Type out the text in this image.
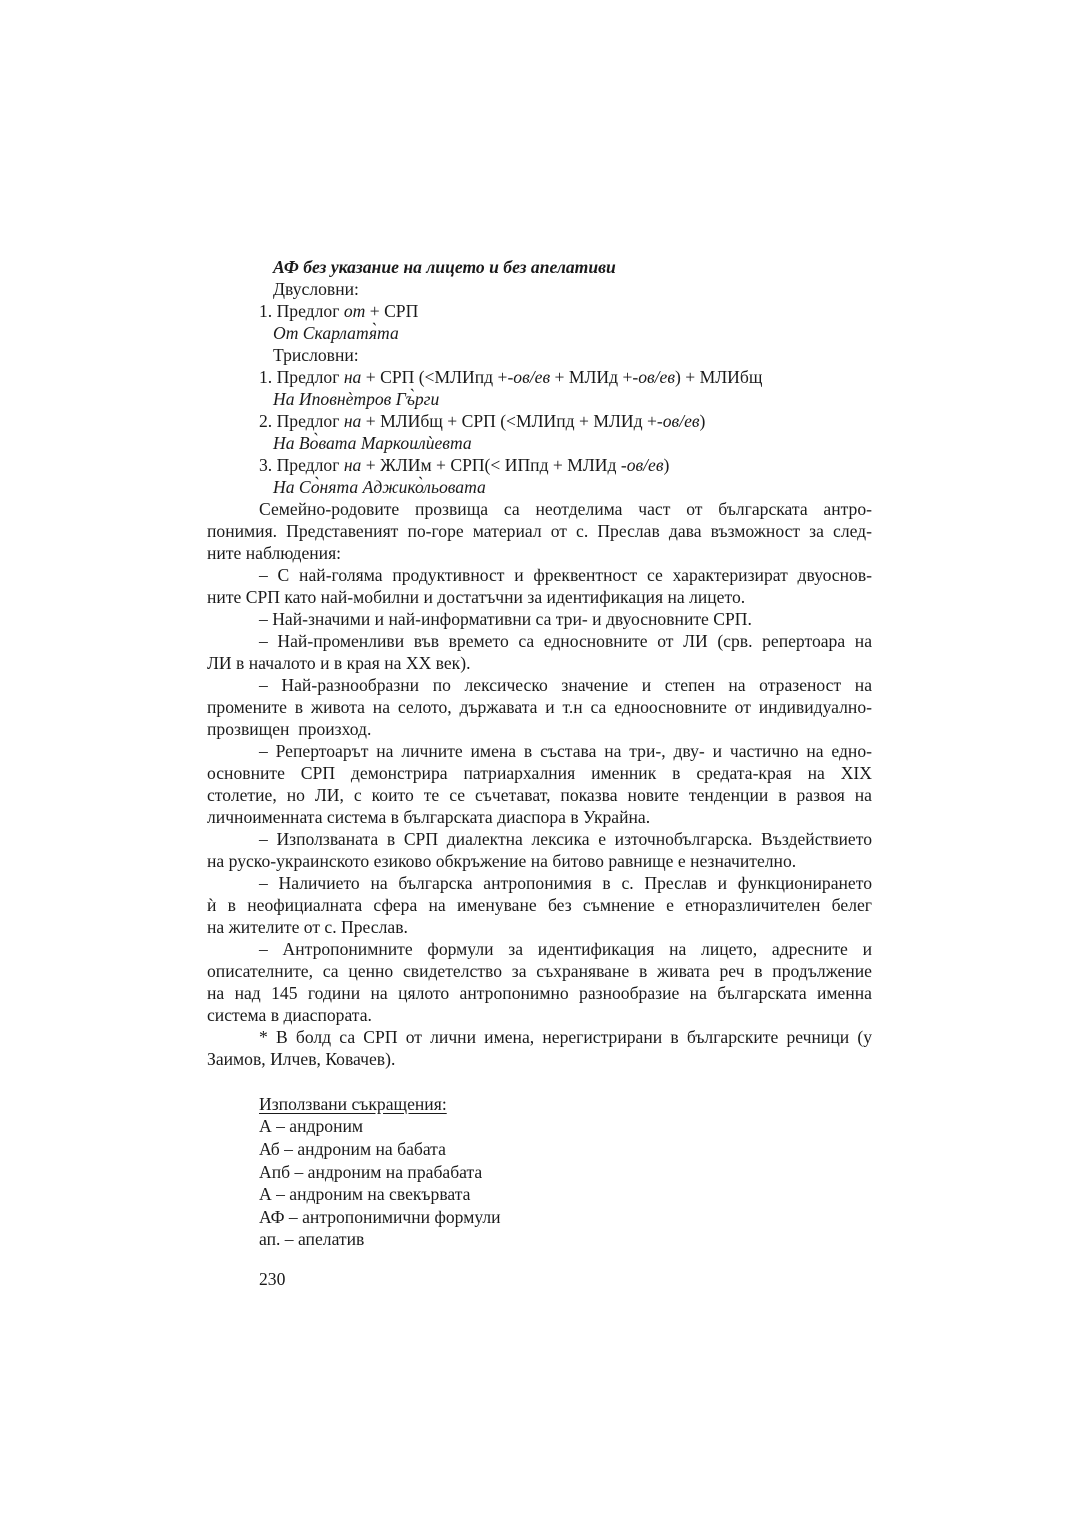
АФ без указание на лицето и без апелативи
Двусловни:
1. Предлог от + СРП
От Скарлатя̀та
Трисловни:
1. Предлог на + СРП (<МЛИпд +-ов/ев + МЛИд +-ов/ев) + МЛИбщ
На Иповнѐтров Гъ̀рги
2. Предлог на + МЛИбщ + СРП (<МЛИпд + МЛИд +-ов/ев)
На Во̀вата Маркоилѝевта
3. Предлог на + ЖЛИм + СРП(< ИПпд + МЛИд -ов/ев)
На Со̀нята Аджико̀льовата
Семейно-родовите прозвища са неотделима част от българската антро-
понимия. Представеният по-горе материал от с. Преслав дава възможност за след-
ните наблюдения:
– С най-голяма продуктивност и фреквентност се характеризират двуоснов-
ните СРП като най-мобилни и достатъчни за идентификация на лицето.
– Най-значими и най-информативни са три- и двуосновните СРП.
– Най-променливи във времето са едносновните от ЛИ (срв. репертоара на
ЛИ в началото и в края на ХХ век).
– Най-разнообразни по лексическо значение и степен на отразеност на
промените в живота на селото, държавата и т.н са едноосновните от индивидуално-
прозвищен  произход.
– Репертоарът на личните имена в състава на три-, дву- и частично на едно-
основните СРП демонстрира патриархалния именник в средата-края на XIX
столетие, но ЛИ, с които те се съчетават, показва новите тенденции в развоя на
личноименната система в българската диаспора в Украйна.
– Използваната в СРП диалектна лексика е източнобългарска. Въздействието
на руско-украинското езиково обкръжение на битово равнище е незначително.
– Наличието на българска антропонимия в с. Преслав и функционирането
ѝ в неофициалната сфера на именуване без съмнение е етноразличителен белег
на жителите от с. Преслав.
– Антропонимните формули за идентификация на лицето, адресните и
описателните, са ценно свидетелство за съхраняване в живата реч в продължение
на над 145 години на цялото антропонимно разнообразие на българската именна
система в диаспората.
* В болд са СРП от лични имена, нерегистрирани в българските речници (у
Заимов, Илчев, Ковачев).
Използвани съкращения:
А – андроним
Аб – андроним на бабата
Апб – андроним на прабабата
А – андроним на свекървата
АФ – антропонимични формули
ап. – апелатив
230
